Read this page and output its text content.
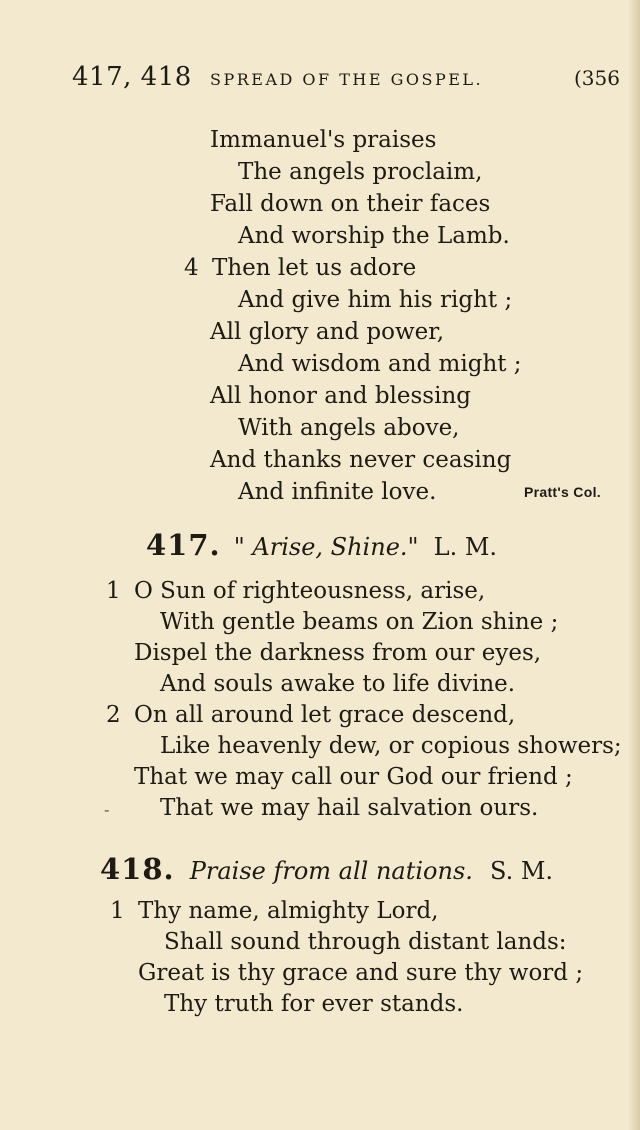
417, 418 SPREAD OF THE GOSPEL.	(356
Immanuel's praises
The angels proclaim,
Fall down on their faces
And worship the Lamb.
4 Then let us adore
And give him his right ;
All glory and power,
And wisdom and might ;
All honor and blessing
With angels above,
And thanks never ceasing
And infinite love.	Pratt's Col.
417. " Arise, Shine." L. M.
1 O Sun of righteousness, arise,
With gentle beams on Zion shine ;
Dispel the darkness from our eyes,
And souls awake to life divine.
2 On all around let grace descend,
Like heavenly dew, or copious showers;
That we may call our God our friend ;
‐ That we may hail salvation ours.
418. Praise from all nations. S. M.
1 Thy name, almighty Lord,
Shall sound through distant lands:
Great is thy grace and sure thy word ;
Thy truth for ever stands.
